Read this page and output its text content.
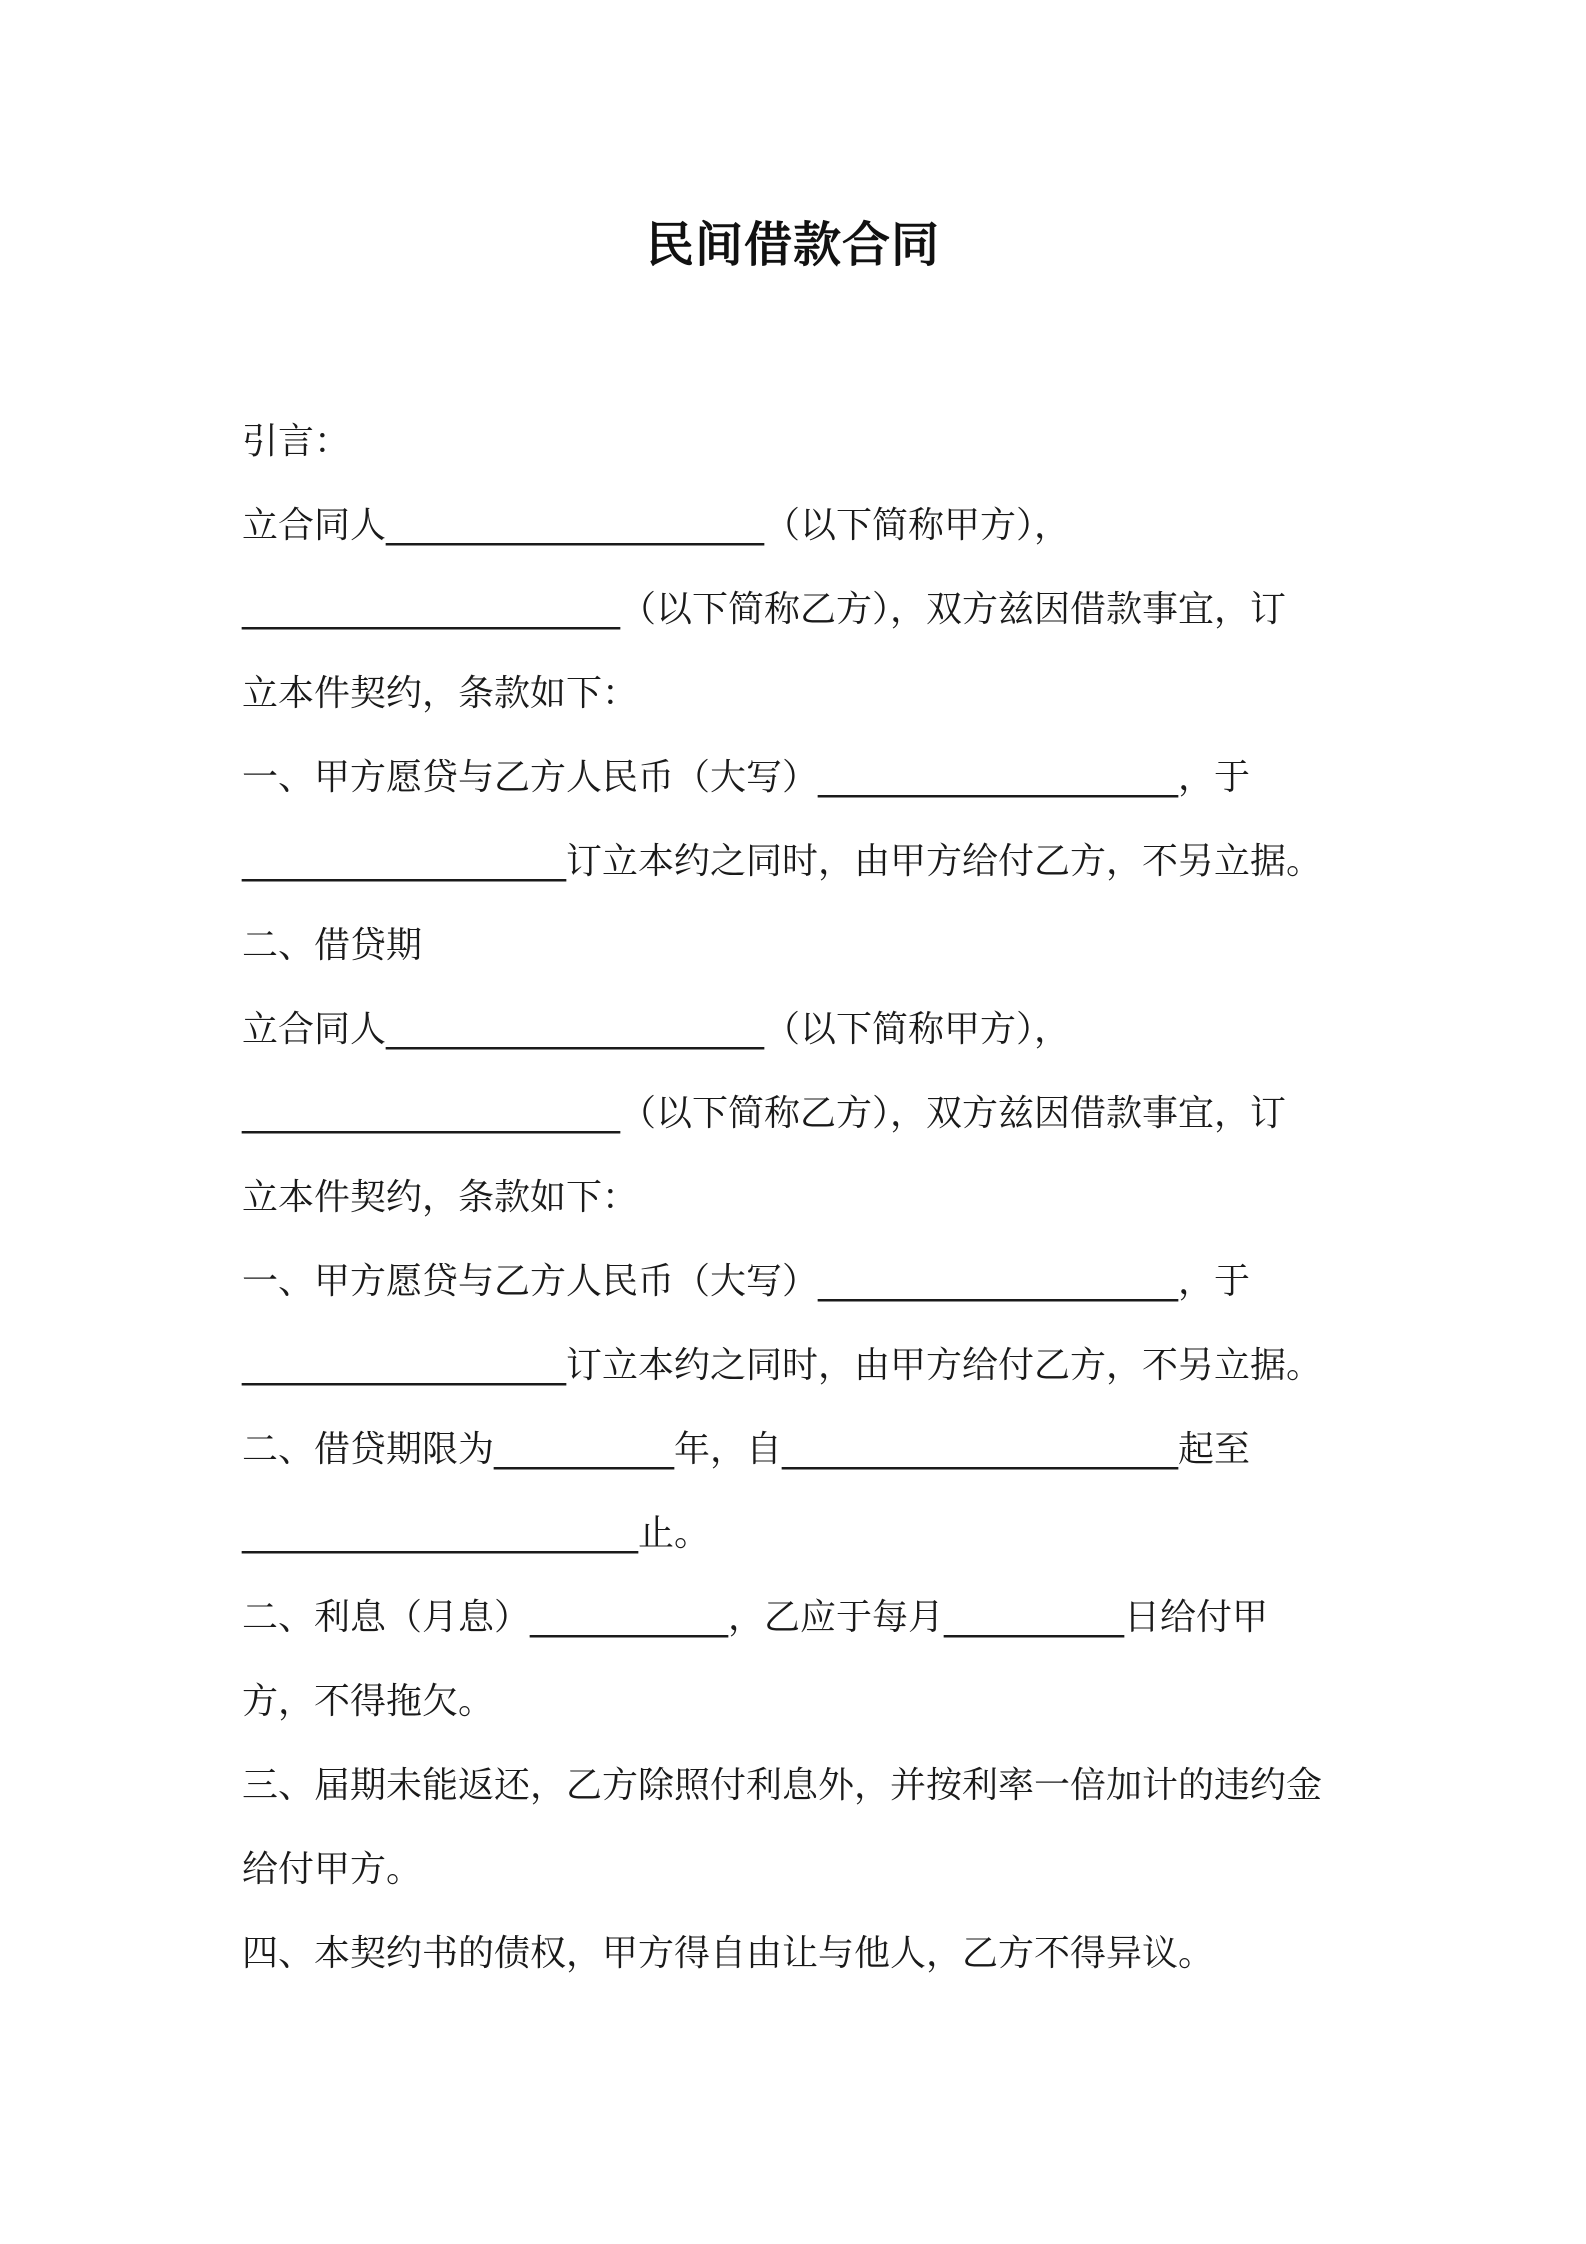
民间借款合同
引言：
立合同人_____________________（以下简称甲方），
_____________________（以下简称乙方），双方兹因借款事宜，订
立本件契约，条款如下：
一、甲方愿贷与乙方人民币（大写）____________________，于
__________________订立本约之同时，由甲方给付乙方，不另立据。
二、借贷期
立合同人_____________________（以下简称甲方），
_____________________（以下简称乙方），双方兹因借款事宜，订
立本件契约，条款如下：
一、甲方愿贷与乙方人民币（大写）____________________，于
__________________订立本约之同时，由甲方给付乙方，不另立据。
二、借贷期限为__________年，自______________________起至
______________________止。
二、利息（月息）___________，乙应于每月__________日给付甲
方，不得拖欠。
三、届期未能返还，乙方除照付利息外，并按利率一倍加计的违约金
给付甲方。
四、本契约书的债权，甲方得自由让与他人，乙方不得异议。
